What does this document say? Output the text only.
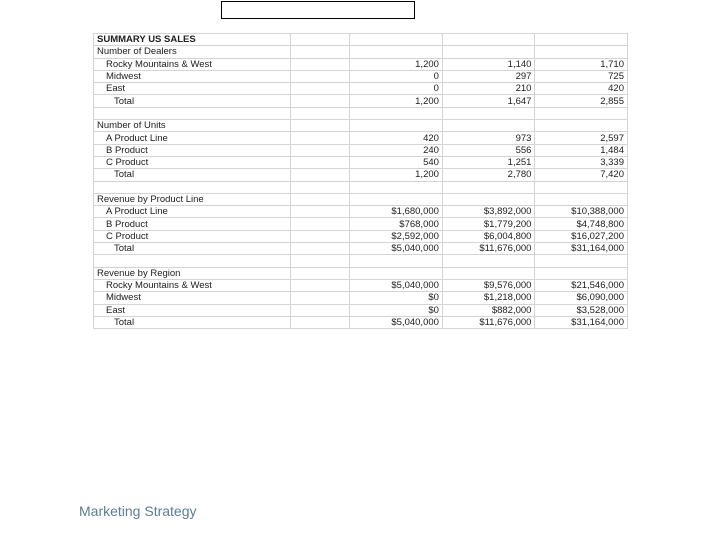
SUMMARY US SALES				
Number of Dealers				
Rocky Mountains & West		1,200	1,140	1,710
Midwest		0	297	725
East		0	210	420
Total		1,200	1,647	2,855

Number of Units				
A Product Line		420	973	2,597
B Product		240	556	1,484
C Product		540	1,251	3,339
Total		1,200	2,780	7,420

Revenue by Product Line				
A Product Line		$1,680,000	$3,892,000	$10,388,000
B Product		$768,000	$1,779,200	$4,748,800
C Product		$2,592,000	$6,004,800	$16,027,200
Total		$5,040,000	$11,676,000	$31,164,000

Revenue by Region				
Rocky Mountains & West		$5,040,000	$9,576,000	$21,546,000
Midwest		$0	$1,218,000	$6,090,000
East		$0	$882,000	$3,528,000
Total		$5,040,000	$11,676,000	$31,164,000
Marketing Strategy
